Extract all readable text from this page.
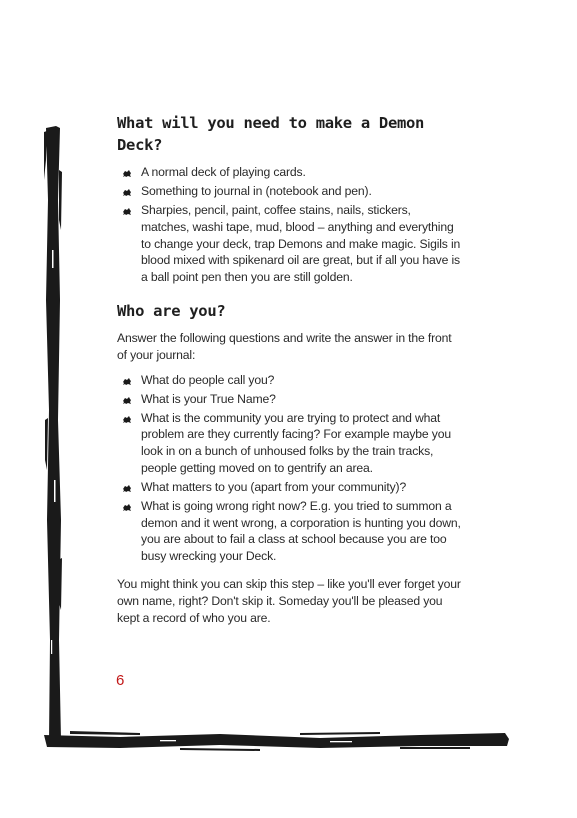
What will you need to make a Demon Deck?
A normal deck of playing cards.
Something to journal in (notebook and pen).
Sharpies, pencil, paint, coffee stains, nails, stickers, matches, washi tape, mud, blood – anything and everything to change your deck, trap Demons and make magic. Sigils in blood mixed with spikenard oil are great, but if all you have is a ball point pen then you are still golden.
Who are you?

Answer the following questions and write the answer in the front of your journal:

What do people call you?
What is your True Name?
What is the community you are trying to protect and what problem are they currently facing? For example maybe you look in on a bunch of unhoused folks by the train tracks, people getting moved on to gentrify an area.
What matters to you (apart from your community)?
What is going wrong right now? E.g. you tried to summon a demon and it went wrong, a corporation is hunting you down, you are about to fail a class at school because you are too busy wrecking your Deck.

You might think you can skip this step – like you'll ever forget your own name, right? Don't skip it. Someday you'll be pleased you kept a record of who you are.

6
